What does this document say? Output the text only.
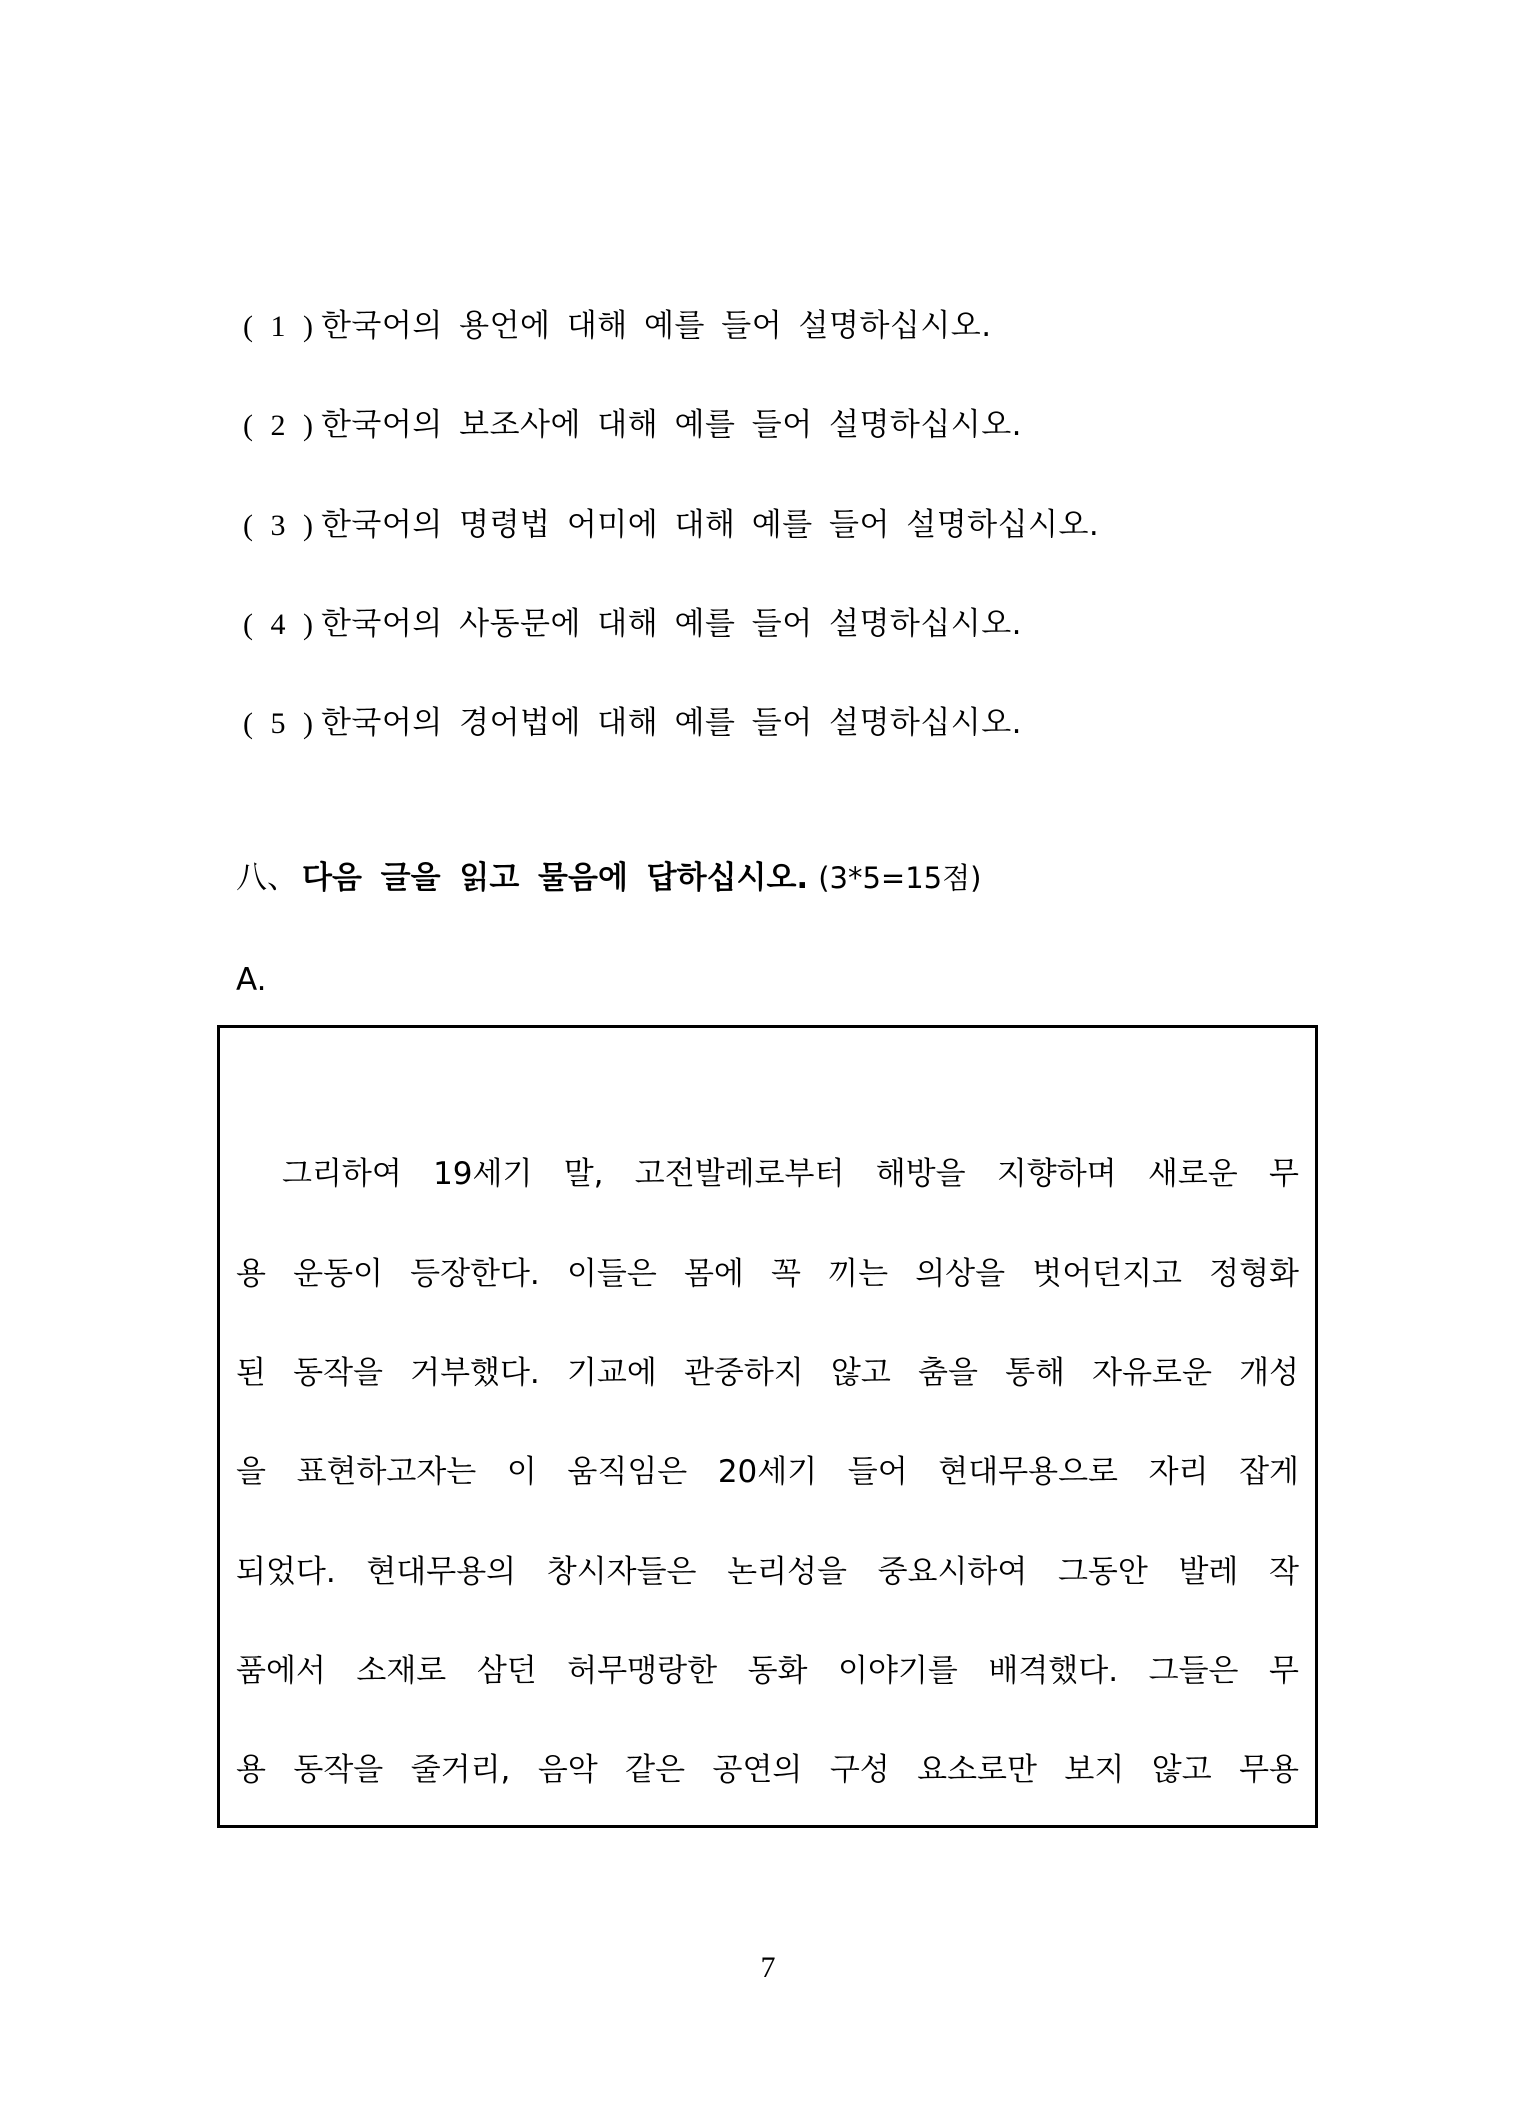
( 1 ) 한국어의 용언에 대해 예를 들어 설명하십시오.
( 2 ) 한국어의 보조사에 대해 예를 들어 설명하십시오.
( 3 ) 한국어의 명령법 어미에 대해 예를 들어 설명하십시오.
( 4 ) 한국어의 사동문에 대해 예를 들어 설명하십시오.
( 5 ) 한국어의 경어법에 대해 예를 들어 설명하십시오.
八、 다음 글을 읽고 물음에 답하십시오. (3*5=15점)
A.
그리하여 19세기 말, 고전발레로부터 해방을 지향하며 새로운 무
용 운동이 등장한다. 이들은 몸에 꼭 끼는 의상을 벗어던지고 정형화
된 동작을 거부했다. 기교에 관중하지 않고 춤을 통해 자유로운 개성
을 표현하고자는 이 움직임은 20세기 들어 현대무용으로 자리 잡게
되었다. 현대무용의 창시자들은 논리성을 중요시하여 그동안 발레 작
품에서 소재로 삼던 허무맹랑한 동화 이야기를 배격했다. 그들은 무
용 동작을 줄거리, 음악 같은 공연의 구성 요소로만 보지 않고 무용
7
